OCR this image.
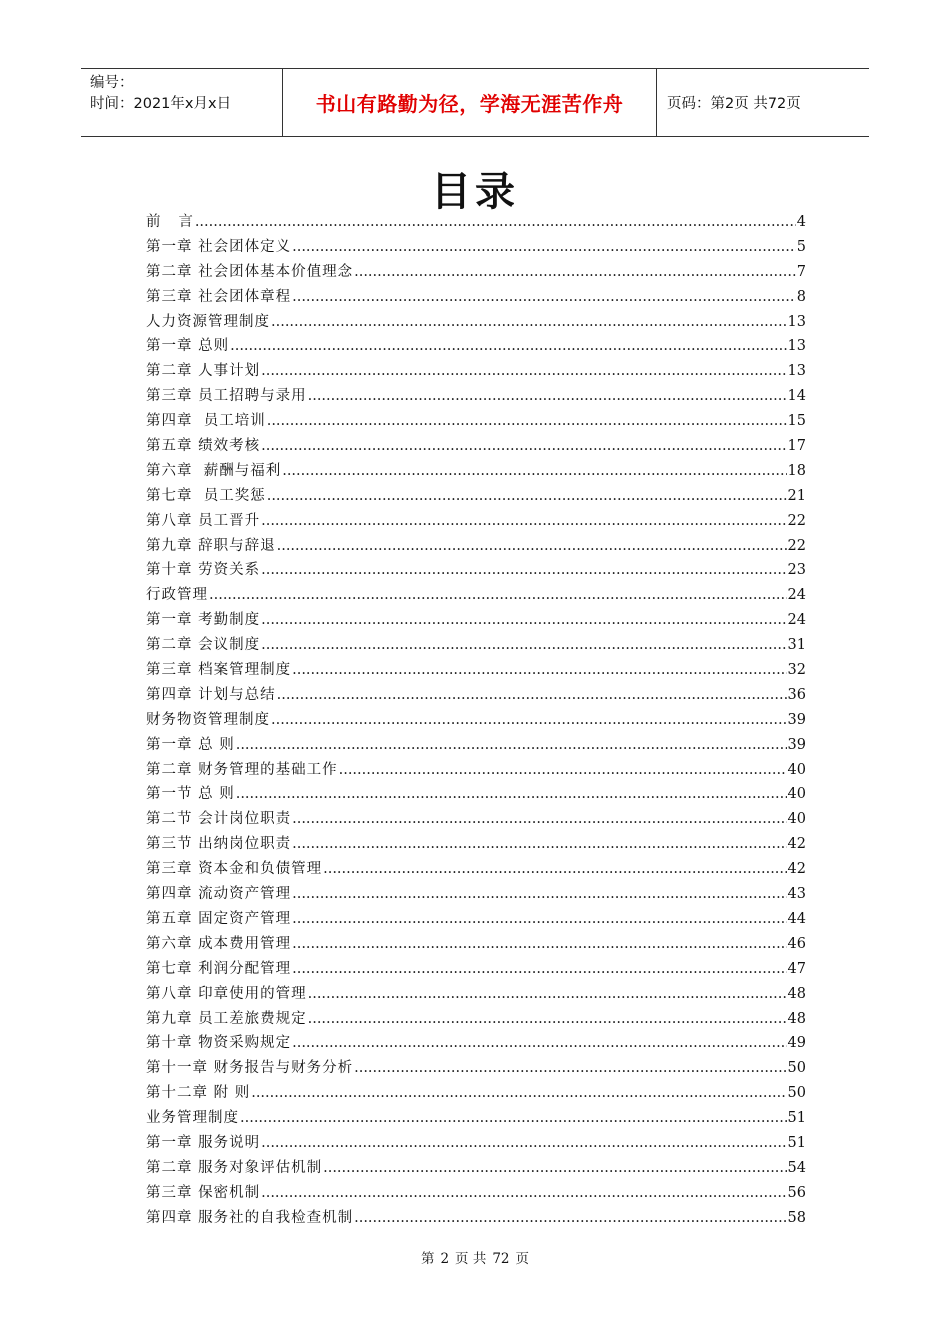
编号：
时间：2021年x月x日	书山有路勤为径，学海无涯苦作舟	页码：第2页 共72页
目录
前   言 .....	4
第一章 社会团体定义 .....	5
第二章 社会团体基本价值理念 .....	7
第三章 社会团体章程 .....	8
人力资源管理制度 .....	13
第一章 总则 .....	13
第二章 人事计划 .....	13
第三章 员工招聘与录用 .....	14
第四章  员工培训 .....	15
第五章 绩效考核 .....	17
第六章  薪酬与福利 .....	18
第七章  员工奖惩 .....	21
第八章 员工晋升 .....	22
第九章 辞职与辞退 .....	22
第十章 劳资关系 .....	23
行政管理 .....	24
第一章 考勤制度 .....	24
第二章 会议制度 .....	31
第三章 档案管理制度 .....	32
第四章 计划与总结 .....	36
财务物资管理制度 .....	39
第一章 总 则 .....	39
第二章 财务管理的基础工作 .....	40
第一节 总 则 .....	40
第二节 会计岗位职责 .....	40
第三节 出纳岗位职责 .....	42
第三章 资本金和负债管理 .....	42
第四章 流动资产管理 .....	43
第五章 固定资产管理 .....	44
第六章 成本费用管理 .....	46
第七章 利润分配管理 .....	47
第八章 印章使用的管理 .....	48
第九章 员工差旅费规定 .....	48
第十章 物资采购规定 .....	49
第十一章 财务报告与财务分析 .....	50
第十二章 附 则 .....	50
业务管理制度 .....	51
第一章 服务说明 .....	51
第二章 服务对象评估机制 .....	54
第三章 保密机制 .....	56
第四章 服务社的自我检查机制 .....	58
第 2 页 共 72 页
